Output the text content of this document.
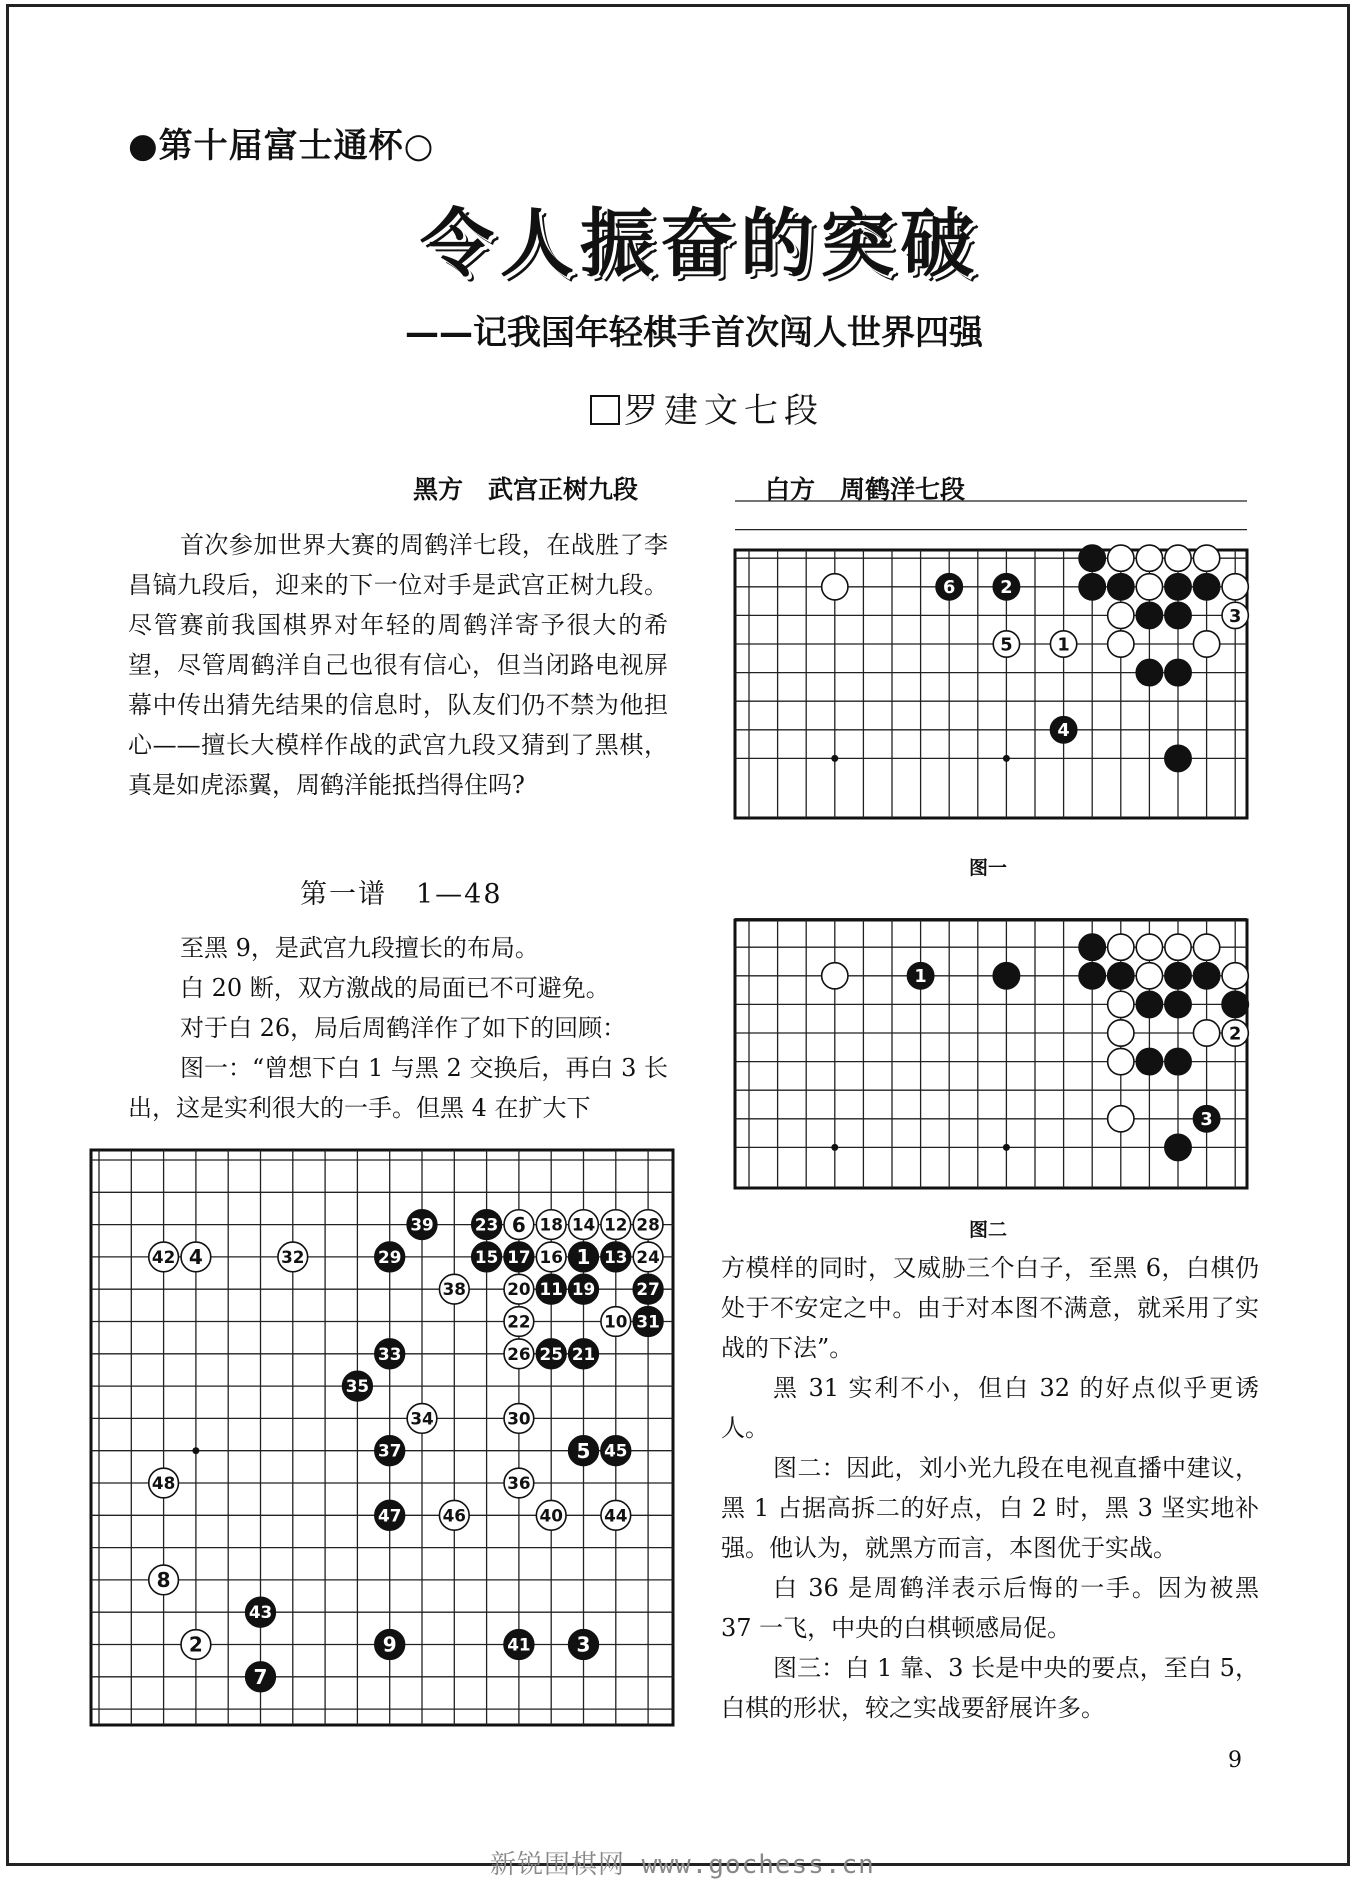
●第十届富士通杯○
令人振奋的突破
——记我国年轻棋手首次闯人世界四强
罗建文七段
黑方　武宫正树九段	白方　周鹤洋七段

首次参加世界大赛的周鹤洋七段，在战胜了李昌镐九段后，迎来的下一位对手是武宫正树九段。尽管赛前我国棋界对年轻的周鹤洋寄予很大的希望，尽管周鹤洋自己也很有信心，但当闭路电视屏幕中传出猜先结果的信息时，队友们仍不禁为他担心——擅长大模样作战的武宫九段又猜到了黑棋，真是如虎添翼，周鹤洋能抵挡得住吗?

第一谱　1—48

至黑 9，是武宫九段擅长的布局。

白 20 断，双方激战的局面已不可避免。

对于白 26，局后周鹤洋作了如下的回顾：

图一：“曾想下白 1 与黑 2 交换后，再白 3 长出，这是实利很大的一手。但黑 4 在扩大下

方模样的同时，又威胁三个白子，至黑 6，白棋仍处于不安定之中。由于对本图不满意，就采用了实战的下法”。

黑 31 实利不小，但白 32 的好点似乎更诱人。

图二：因此，刘小光九段在电视直播中建议，黑 1 占据高拆二的好点，白 2 时，黑 3 坚实地补强。他认为，就黑方而言，本图优于实战。

白 36 是周鹤洋表示后悔的一手。因为被黑 37 一飞，中央的白棋顿感局促。

图三：白 1 靠、3 长是中央的要点，至白 5，白棋的形状，较之实战要舒展许多。

6	2
3
5	1
4
1
2
3
39 23 6 18 14 12 28
42 4	32	29	15 17 16 1 13 24
38 20 11 19 27
22	10 31
33	26 25 21
35
34	30
37	5 45
48	36
47 46	40 44
8
43
2	9	41 3
7
图一
图二
9
新锐围棋网 www.gochess.cn
